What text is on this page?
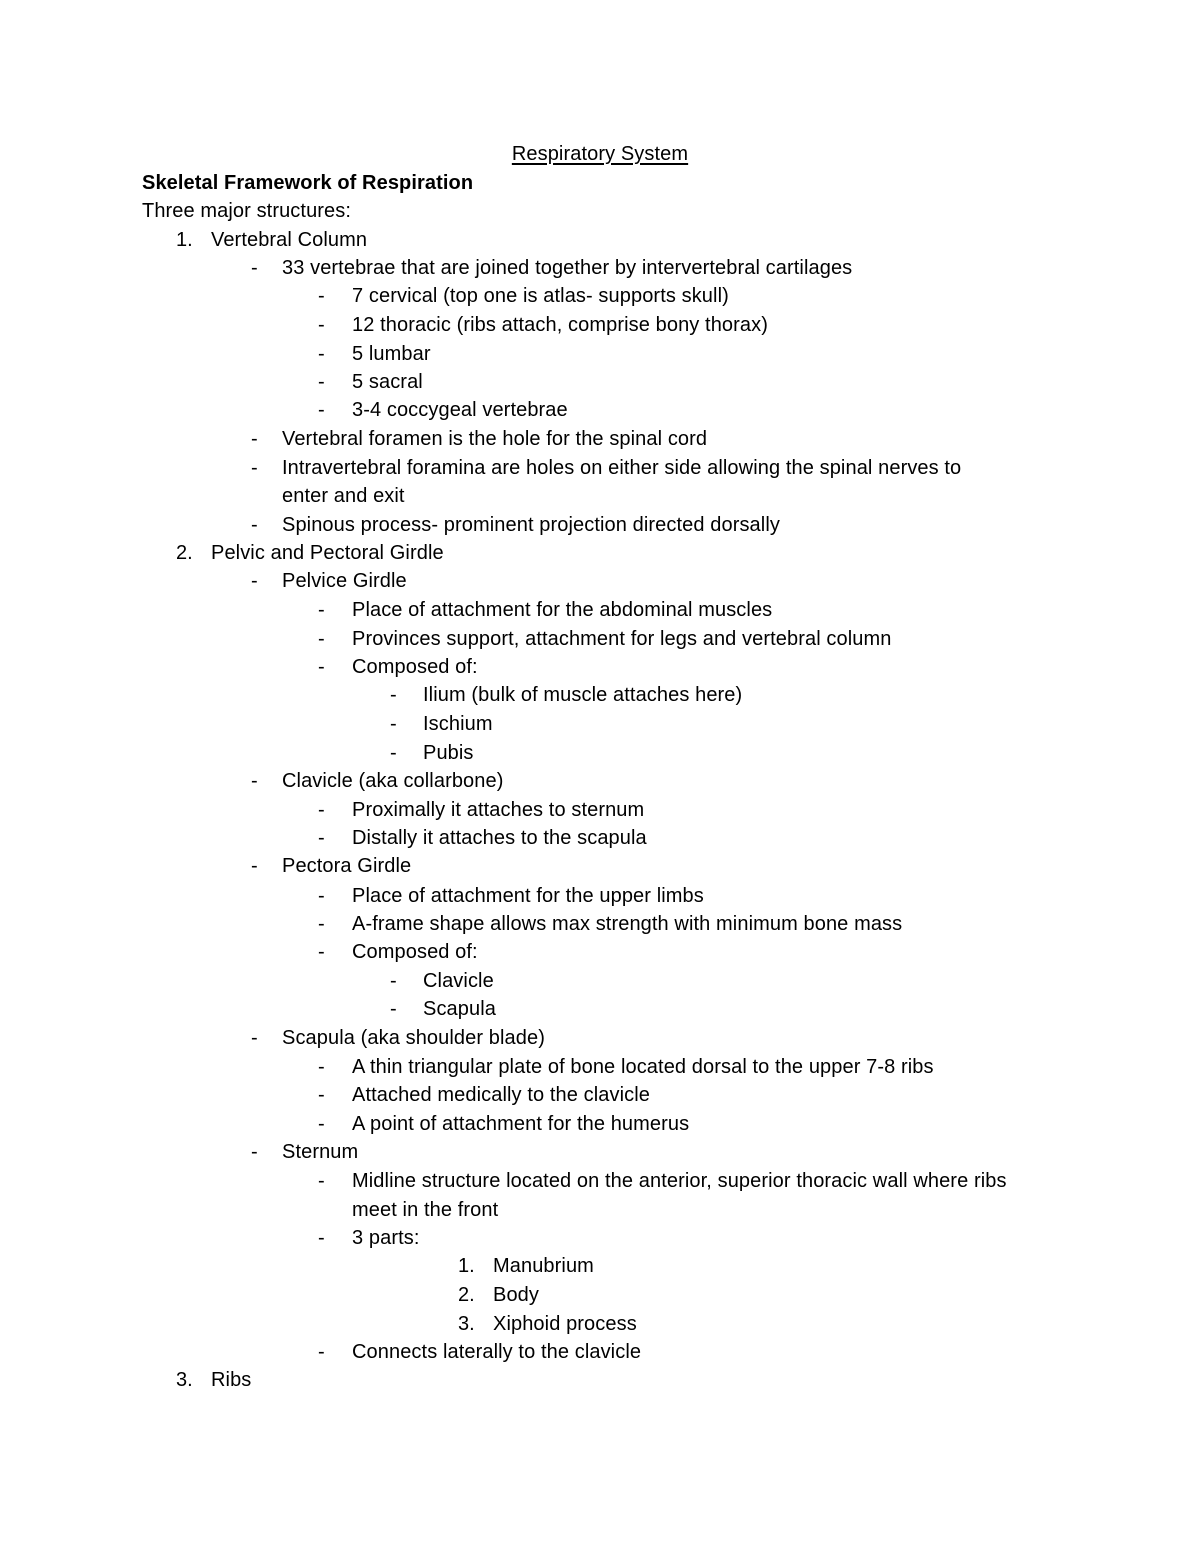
Respiratory System
Skeletal Framework of Respiration
Three major structures:
1. Vertebral Column
- 33 vertebrae that are joined together by intervertebral cartilages
- 7 cervical (top one is atlas- supports skull)
- 12 thoracic (ribs attach, comprise bony thorax)
- 5 lumbar
- 5 sacral
- 3-4 coccygeal vertebrae
- Vertebral foramen is the hole for the spinal cord
- Intravertebral foramina are holes on either side allowing the spinal nerves to
enter and exit
- Spinous process- prominent projection directed dorsally
2. Pelvic and Pectoral Girdle
- Pelvice Girdle
- Place of attachment for the abdominal muscles
- Provinces support, attachment for legs and vertebral column
- Composed of:
- Ilium (bulk of muscle attaches here)
- Ischium
- Pubis
- Clavicle (aka collarbone)
- Proximally it attaches to sternum
- Distally it attaches to the scapula
- Pectora Girdle
- Place of attachment for the upper limbs
- A-frame shape allows max strength with minimum bone mass
- Composed of:
- Clavicle
- Scapula
- Scapula (aka shoulder blade)
- A thin triangular plate of bone located dorsal to the upper 7-8 ribs
- Attached medically to the clavicle
- A point of attachment for the humerus
- Sternum
- Midline structure located on the anterior, superior thoracic wall where ribs
meet in the front
- 3 parts:
1. Manubrium
2. Body
3. Xiphoid process
- Connects laterally to the clavicle
3. Ribs
